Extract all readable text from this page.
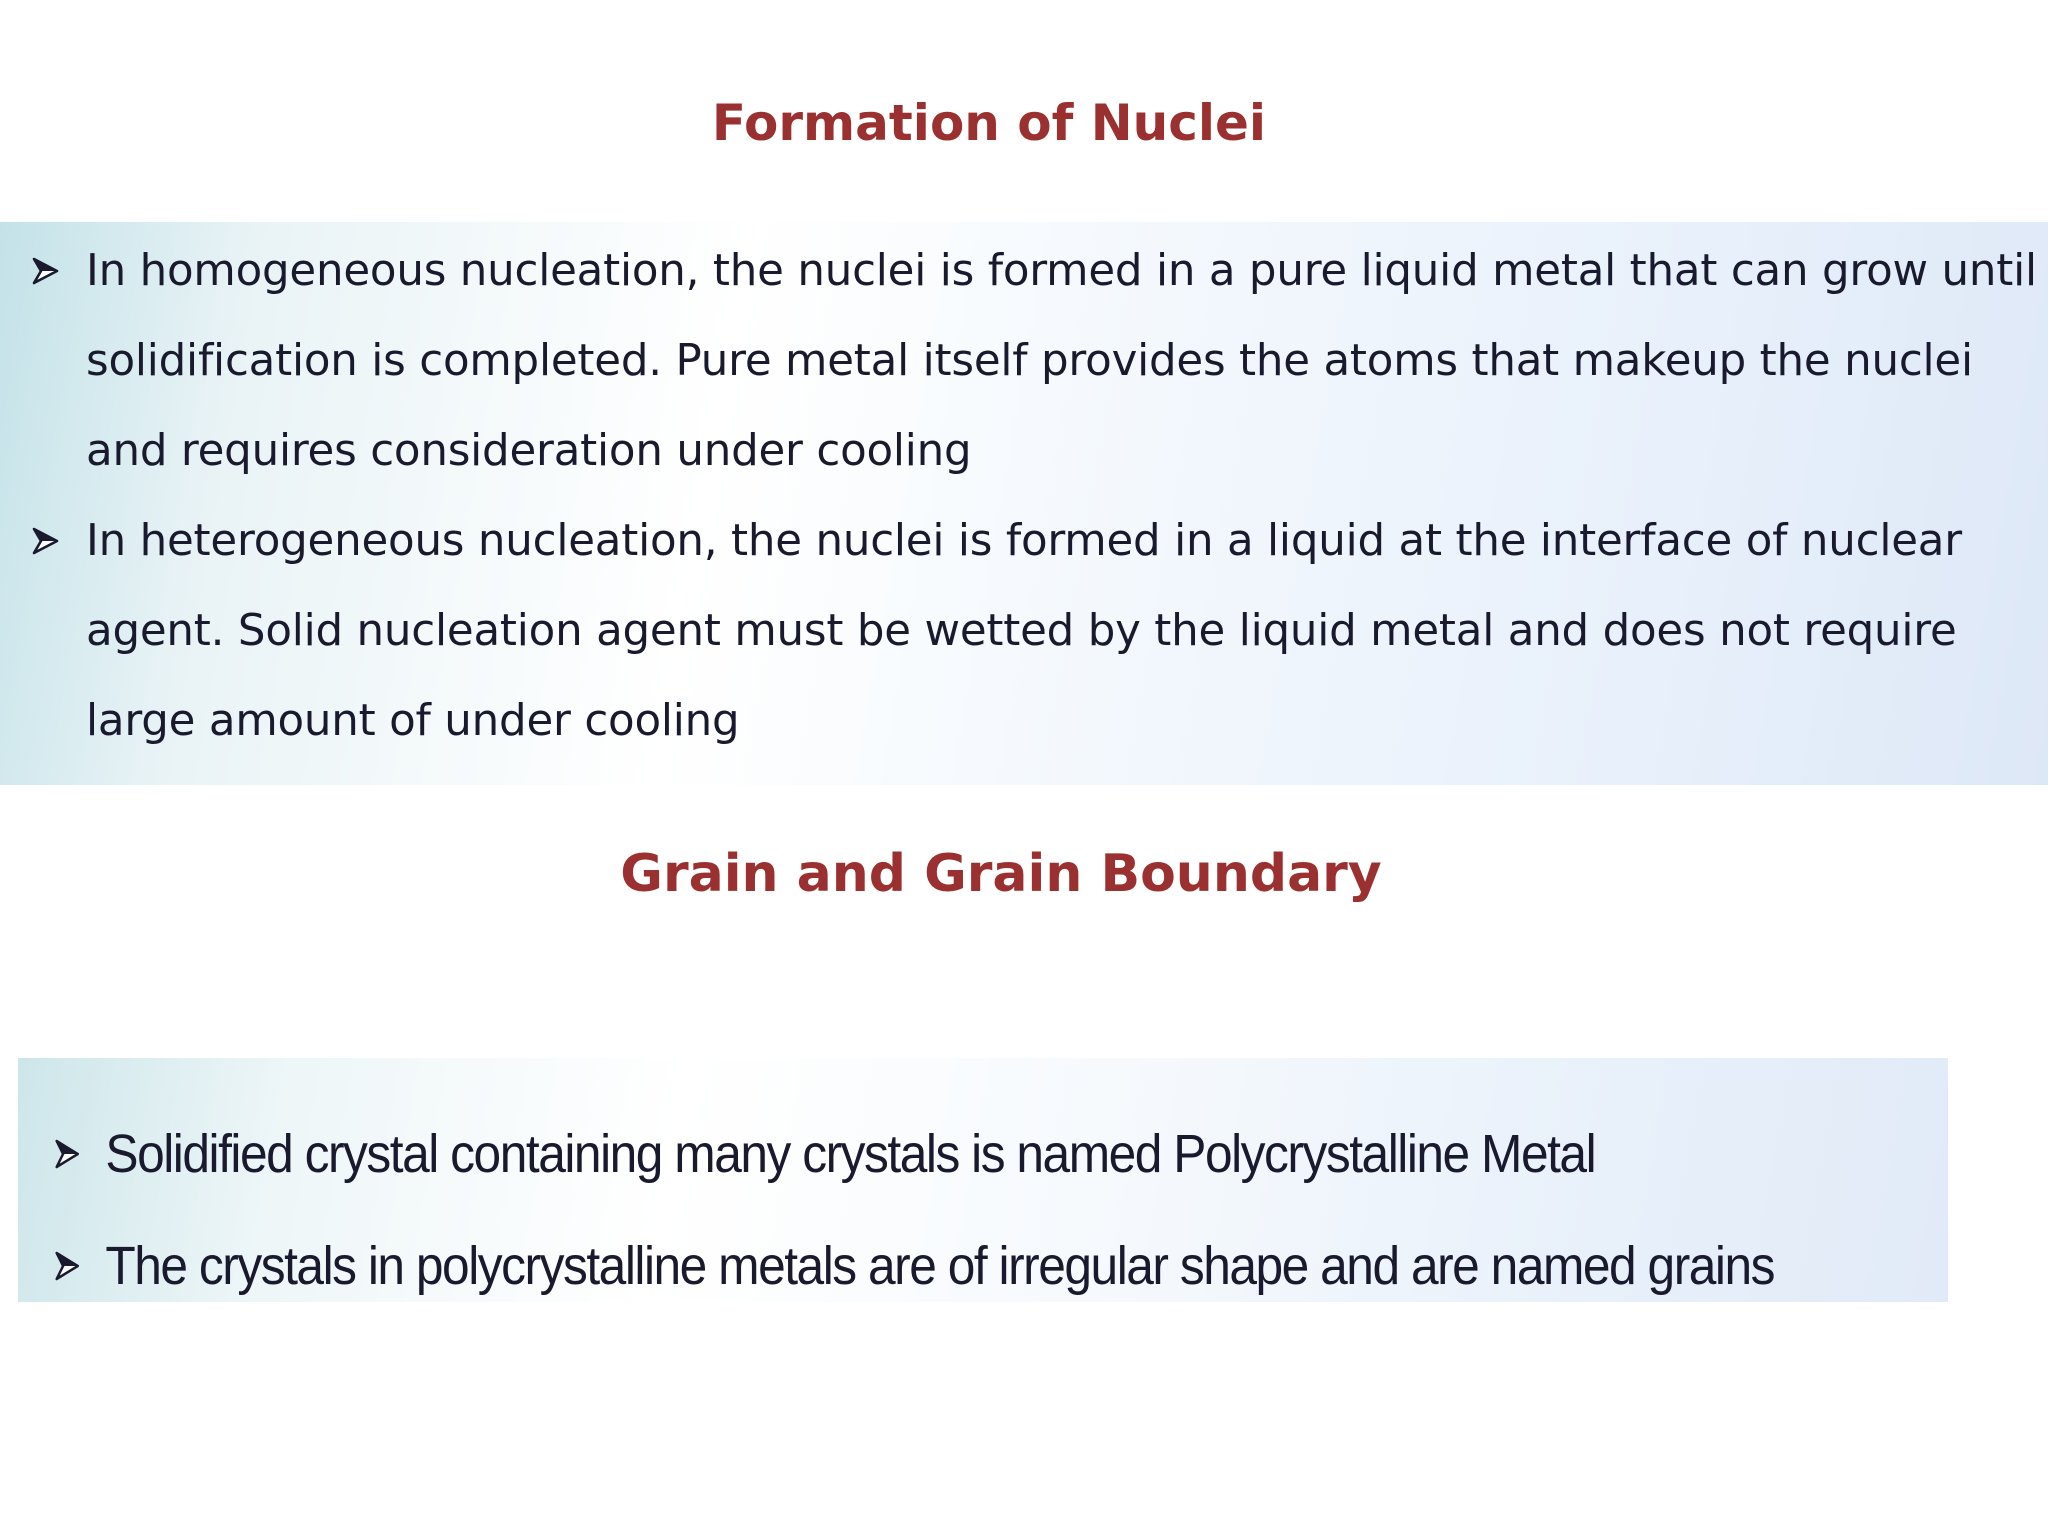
Formation of Nuclei
In homogeneous nucleation, the nuclei is formed in a pure liquid metal that can grow until solidification is completed. Pure metal itself provides the atoms that makeup the nuclei and requires consideration under cooling
In heterogeneous nucleation, the nuclei is formed in a liquid at the interface of nuclear agent. Solid nucleation agent must be wetted by the liquid metal and does not require large amount of under cooling
Grain and Grain Boundary
Solidified crystal containing many crystals is named Polycrystalline Metal
The crystals in polycrystalline metals are of irregular shape and are named grains
